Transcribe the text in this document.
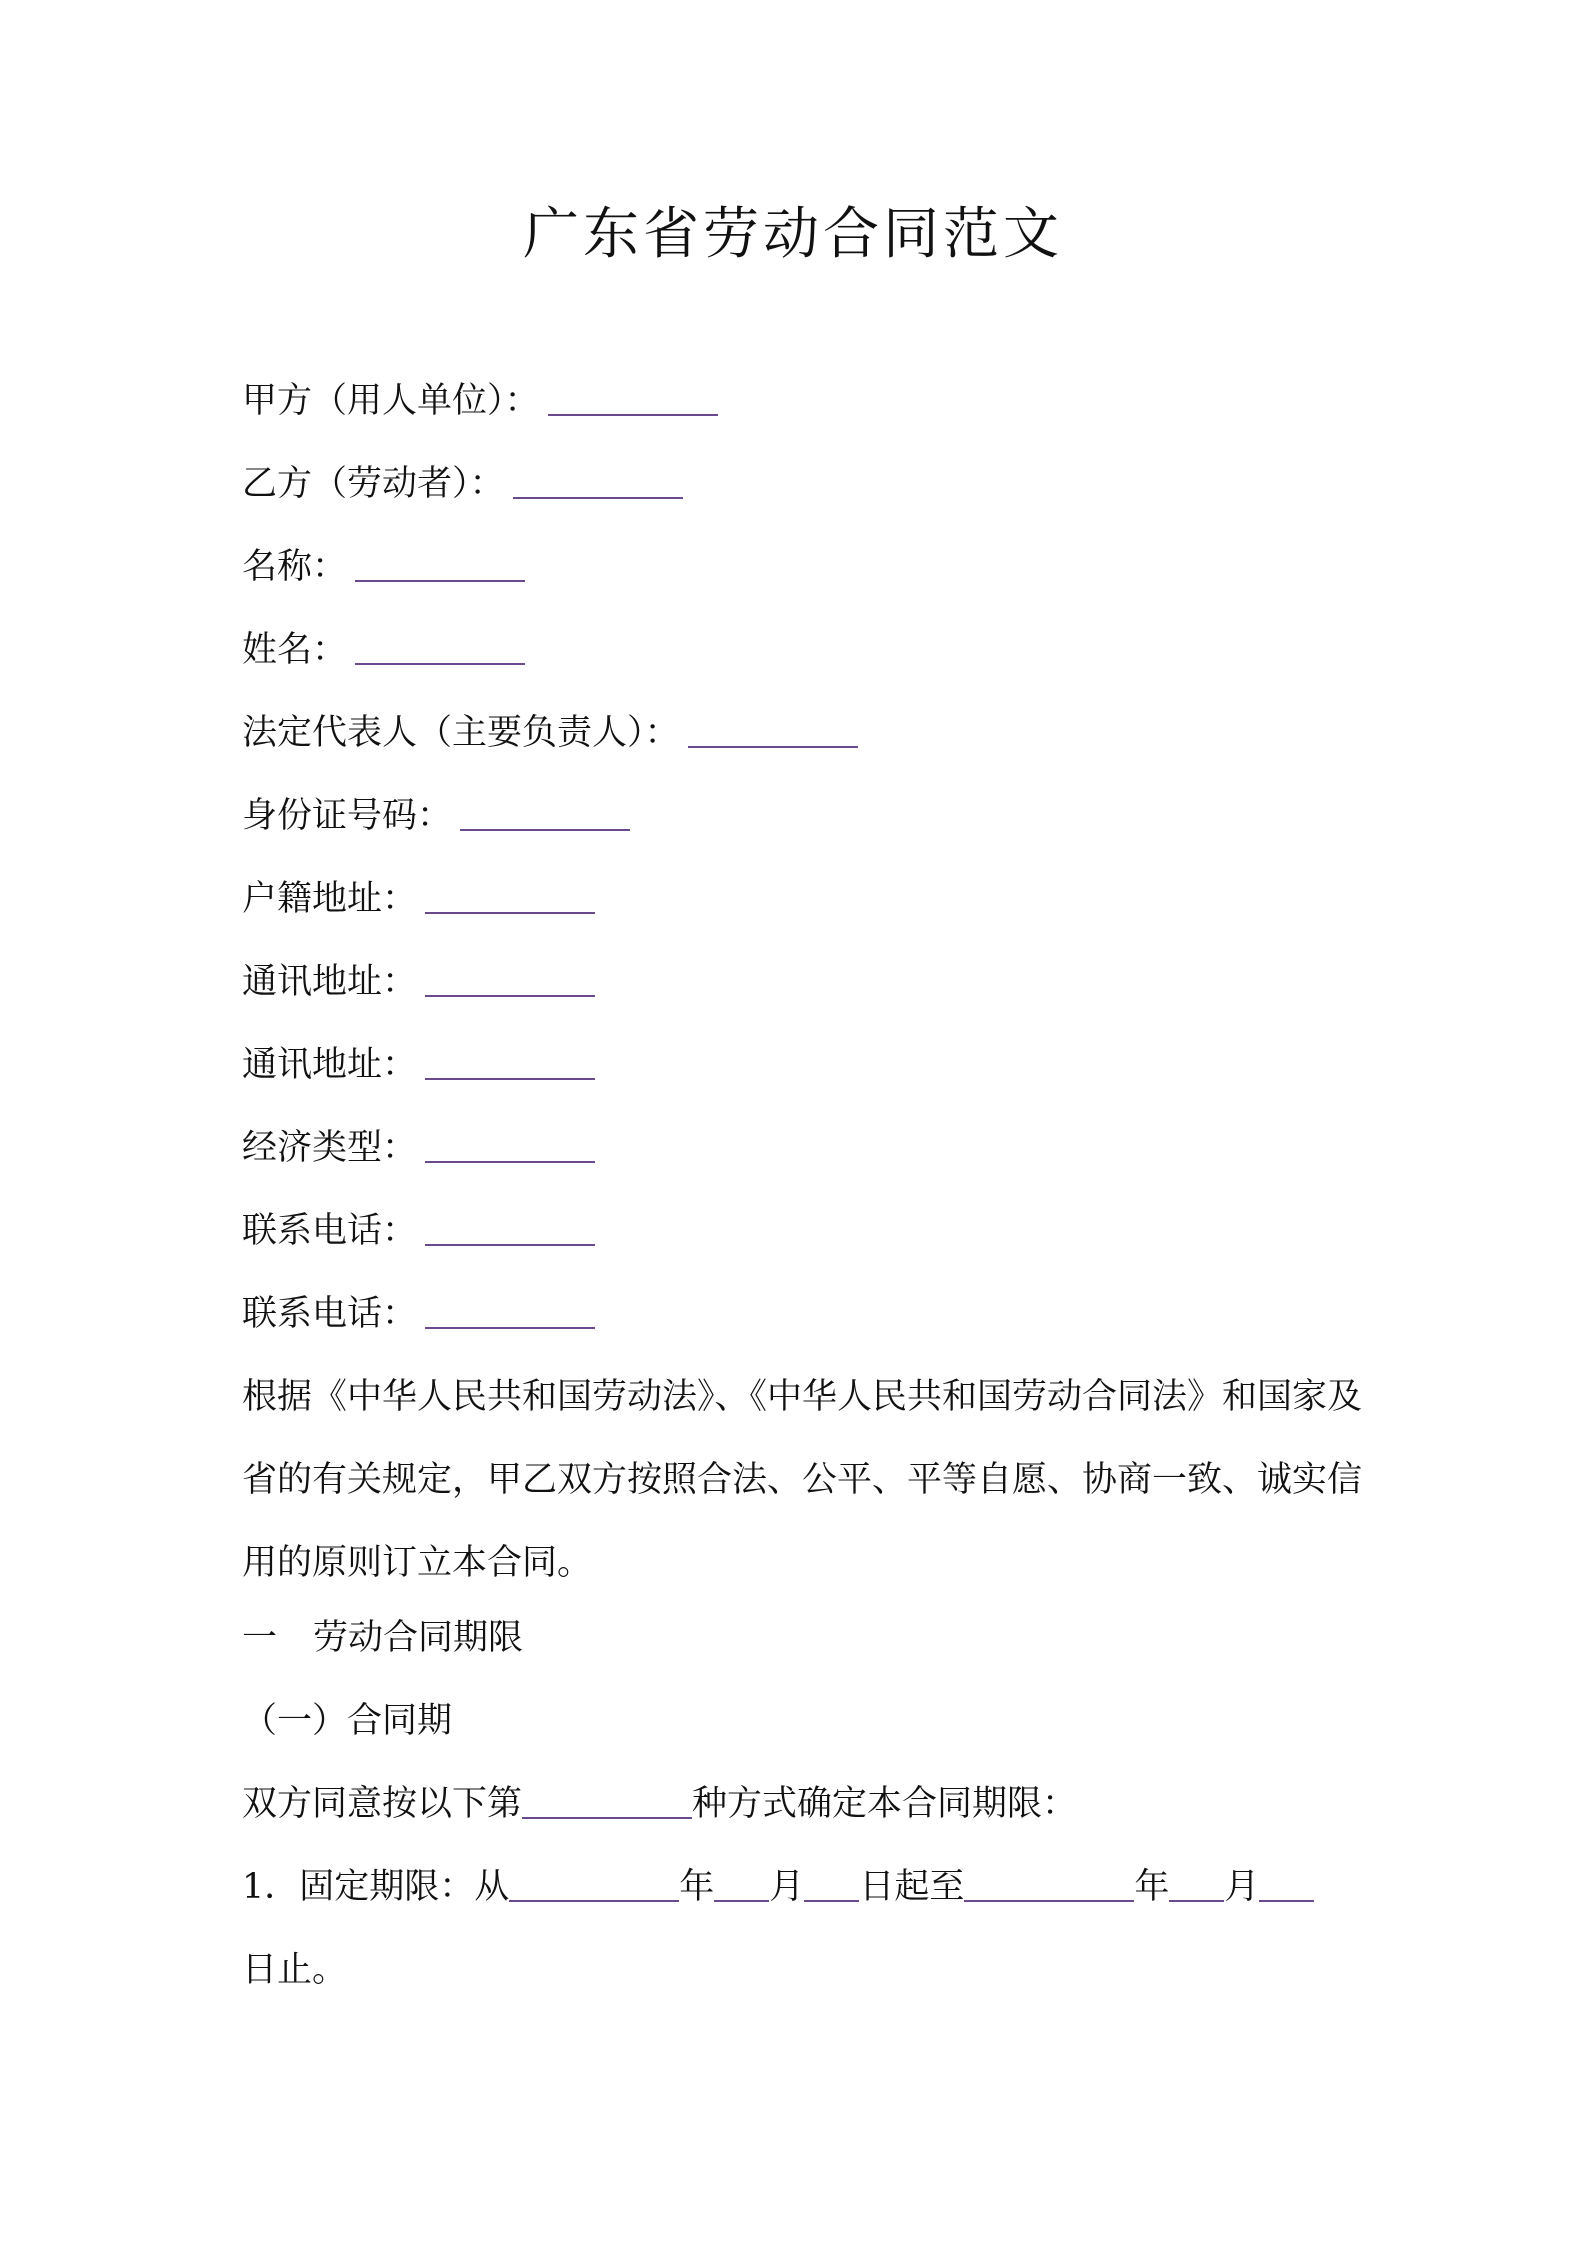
广东省劳动合同范文
甲方（用人单位）：
乙方（劳动者）：
名称：
姓名：
法定代表人（主要负责人）：
身份证号码：
户籍地址：
通讯地址：
通讯地址：
经济类型：
联系电话：
联系电话：

根据《中华人民共和国劳动法》、《中华人民共和国劳动合同法》和国家及省的有关规定，甲乙双方按照合法、公平、平等自愿、协商一致、诚实信用的原则订立本合同。

一 劳动合同期限
（一）合同期
双方同意按以下第	种方式确定本合同期限：
1．固定期限：从	年 月 日起至	年 月
日止。
